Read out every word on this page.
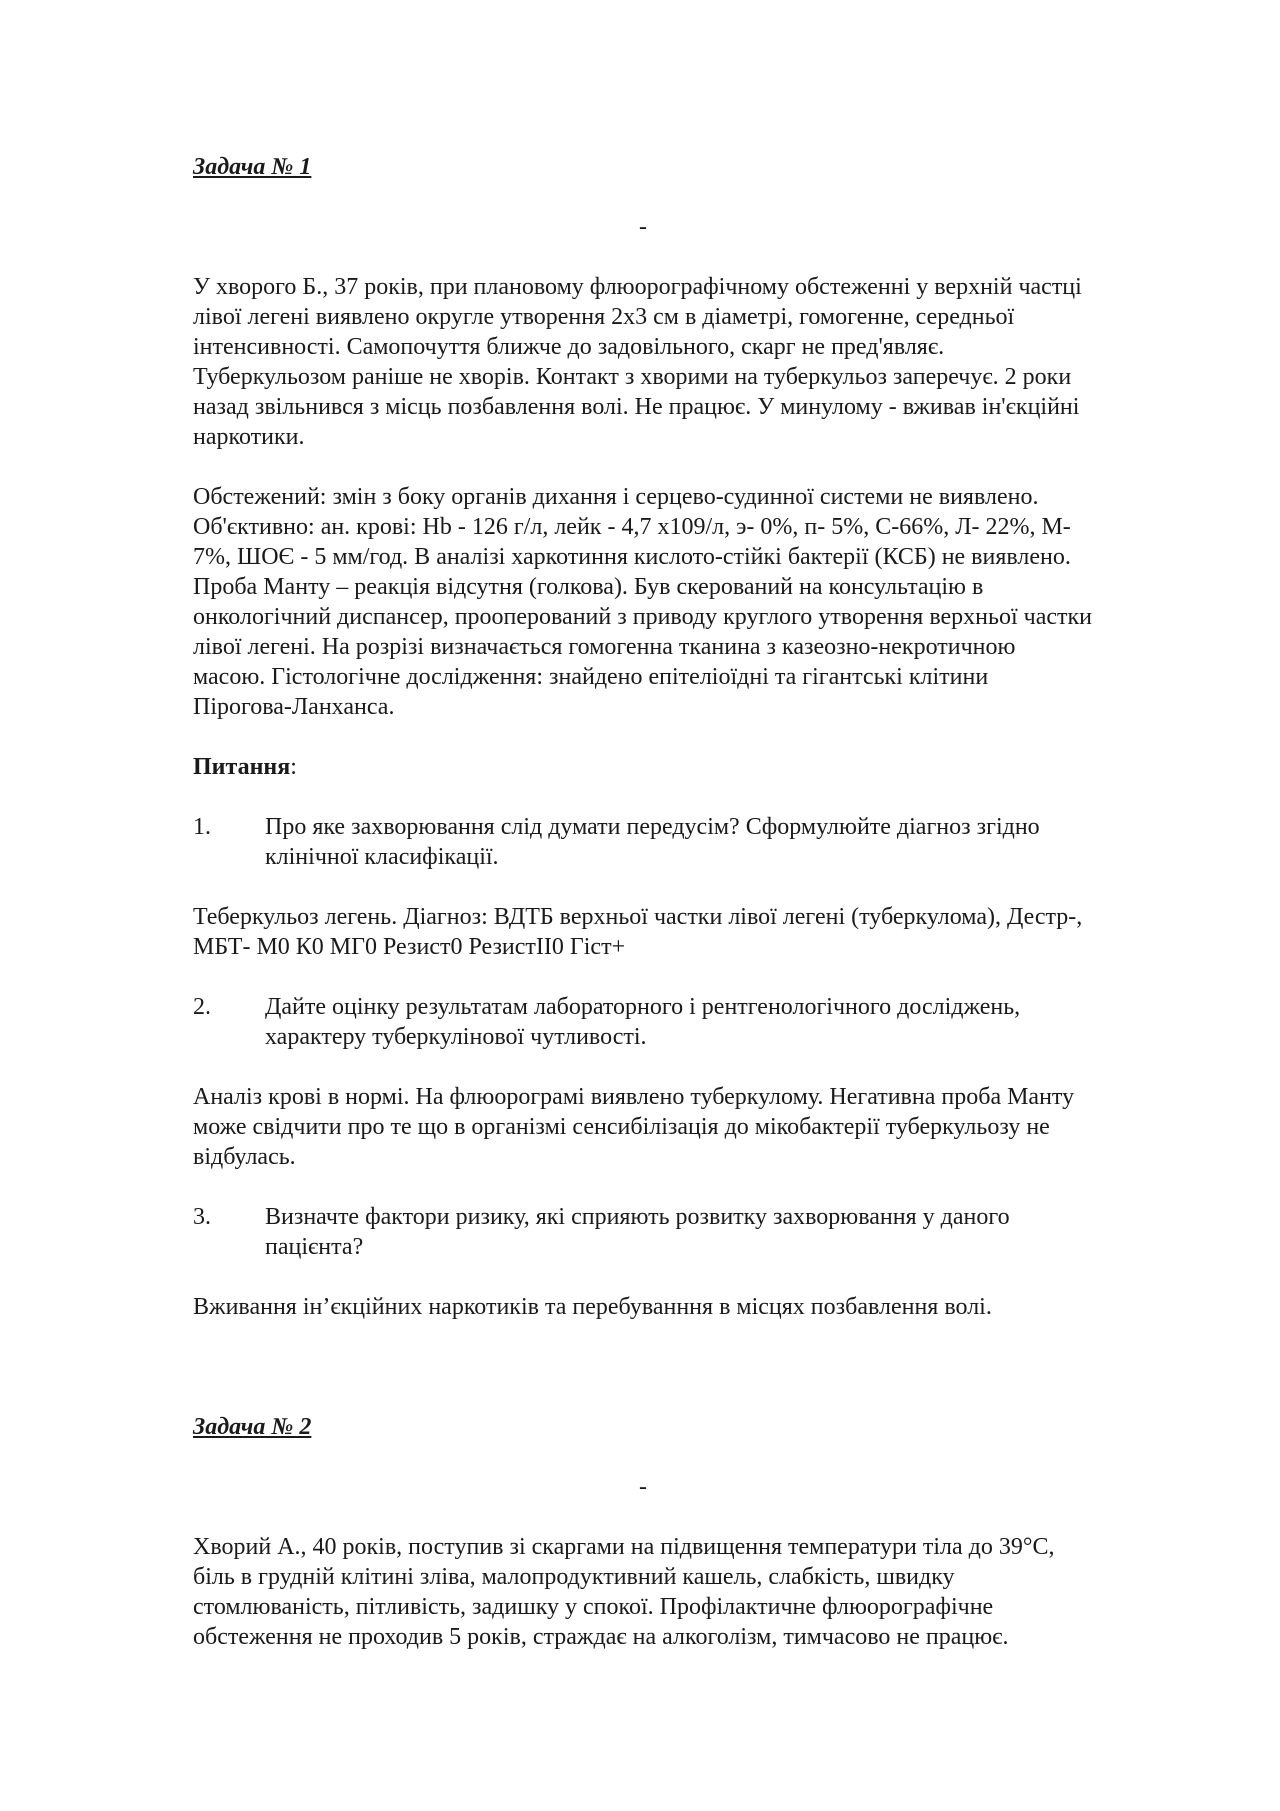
Задача № 1
-

У хворого Б., 37 років, при плановому флюорографічному обстеженні у верхній частці лівої легені виявлено округле утворення 2х3 см в діаметрі, гомогенне, середньої інтенсивності. Самопочуття ближче до задовільного, скарг не пред'являє. Туберкульозом раніше не хворів. Контакт з хворими на туберкульоз заперечує. 2 роки назад звільнився з місць позбавлення волі. Не працює. У минулому - вживав ін'єкційні наркотики.

Обстежений: змін з боку органів дихання і серцево-судинної системи не виявлено. Об'єктивно: ан. крові: Hb - 126 г/л, лейк - 4,7 х109/л, э- 0%, п- 5%, С-66%, Л- 22%, М- 7%, ШОЄ - 5 мм/год. В аналізі харкотиння кислото-стійкі бактерії (КСБ) не виявлено. Проба Манту – реакція відсутня (голкова). Був скерований на консультацію в онкологічний диспансер, прооперований з приводу круглого утворення верхньої частки лівої легені. На розрізі визначається гомогенна тканина з казеозно-некротичною масою. Гістологічне дослідження: знайдено епітеліоїдні та гігантські клітини Пірогова-Ланханса.

Питання:

1.	Про яке захворювання слід думати передусім? Сформулюйте діагноз згідно клінічної класифікації.

Теберкульоз легень. Діагноз: ВДТБ верхньої частки лівої легені (туберкулома), Дестр-, МБТ- М0 К0 МГ0 Резист0 РезистІІ0 Гіст+

2.	Дайте оцінку результатам лабораторного і рентгенологічного досліджень, характеру туберкулінової чутливості.

Аналіз крові в нормі. На флюорограмі виявлено туберкулому. Негативна проба Манту може свідчити про те що в організмі сенсибілізація до мікобактерії туберкульозу не відбулась.

3.	Визначте фактори ризику, які сприяють розвитку захворювання у даного пацієнта?

Вживання ін’єкційних наркотиків та перебуванння в місцях позбавлення волі.

Задача № 2
-

Хворий А., 40 років, поступив зі скаргами на підвищення температури тіла до 39°С, біль в грудній клітині зліва, малопродуктивний кашель, слабкість, швидку стомлюваність, пітливість, задишку у спокої. Профілактичне флюорографічне обстеження не проходив 5 років, страждає на алкоголізм, тимчасово не працює.
